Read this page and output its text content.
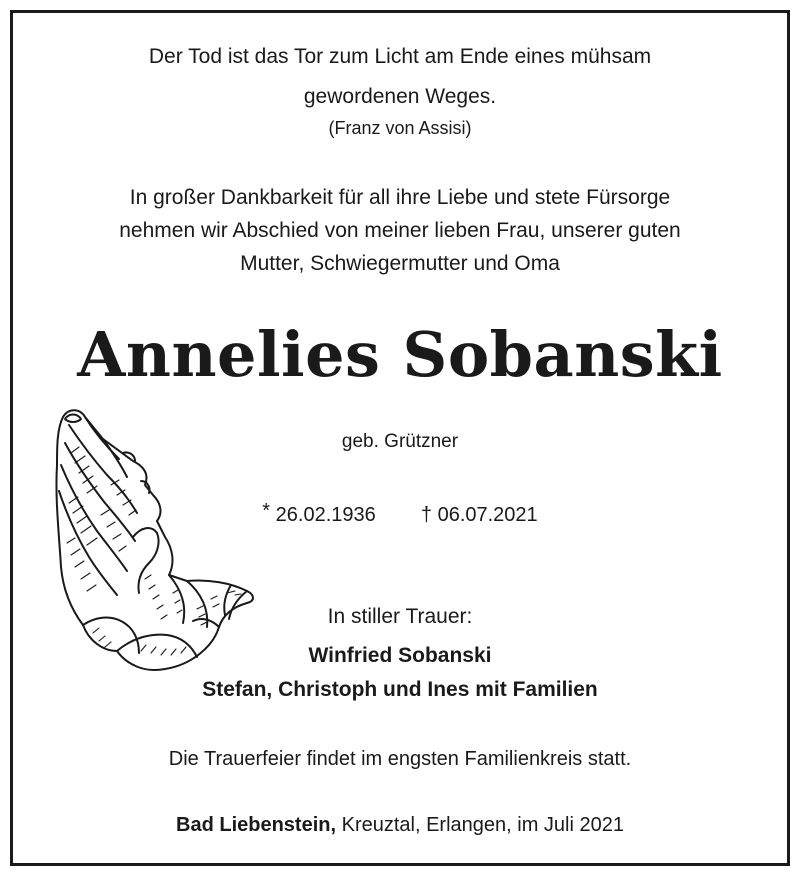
Der Tod ist das Tor zum Licht am Ende eines mühsam
gewordenen Weges.
(Franz von Assisi)
In großer Dankbarkeit für all ihre Liebe und stete Fürsorge
nehmen wir Abschied von meiner lieben Frau, unserer guten
Mutter, Schwiegermutter und Oma
Annelies Sobanski
geb. Grützner
* 26.02.1936 † 06.07.2021
In stiller Trauer:
Winfried Sobanski
Stefan, Christoph und Ines mit Familien
Die Trauerfeier findet im engsten Familienkreis statt.
Bad Liebenstein, Kreuztal, Erlangen, im Juli 2021
